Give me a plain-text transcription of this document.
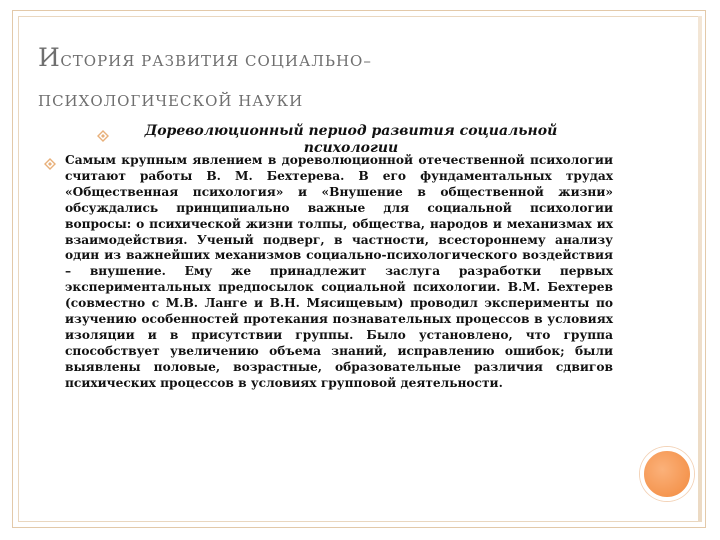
ИСТОРИЯ РАЗВИТИЯ СОЦИАЛЬНО–
ПСИХОЛОГИЧЕСКОЙ НАУКИ
Дореволюционный период развития социальной психологии
Самым крупным явлением в дореволюционной отечественной психологии считают работы В. М. Бехтерева. В его фундаментальных трудах «Общественная психология» и «Внушение в общественной жизни» обсуждались принципиально важные для социальной психологии вопросы: о психической жизни толпы, общества, народов и механизмах их взаимодействия. Ученый подверг, в частности, всестороннему анализу один из важнейших механизмов социально-психологического воздействия – внушение. Ему же принадлежит заслуга разработки первых экспериментальных предпосылок социальной психологии. В.М. Бехтерев (совместно с М.В. Ланге и В.Н. Мясищевым) проводил эксперименты по изучению особенностей протекания познавательных процессов в условиях изоляции и в присутствии группы. Было установлено, что группа способствует увеличению объема знаний, исправлению ошибок; были выявлены половые, возрастные, образовательные различия сдвигов психических процессов в условиях групповой деятельности.
